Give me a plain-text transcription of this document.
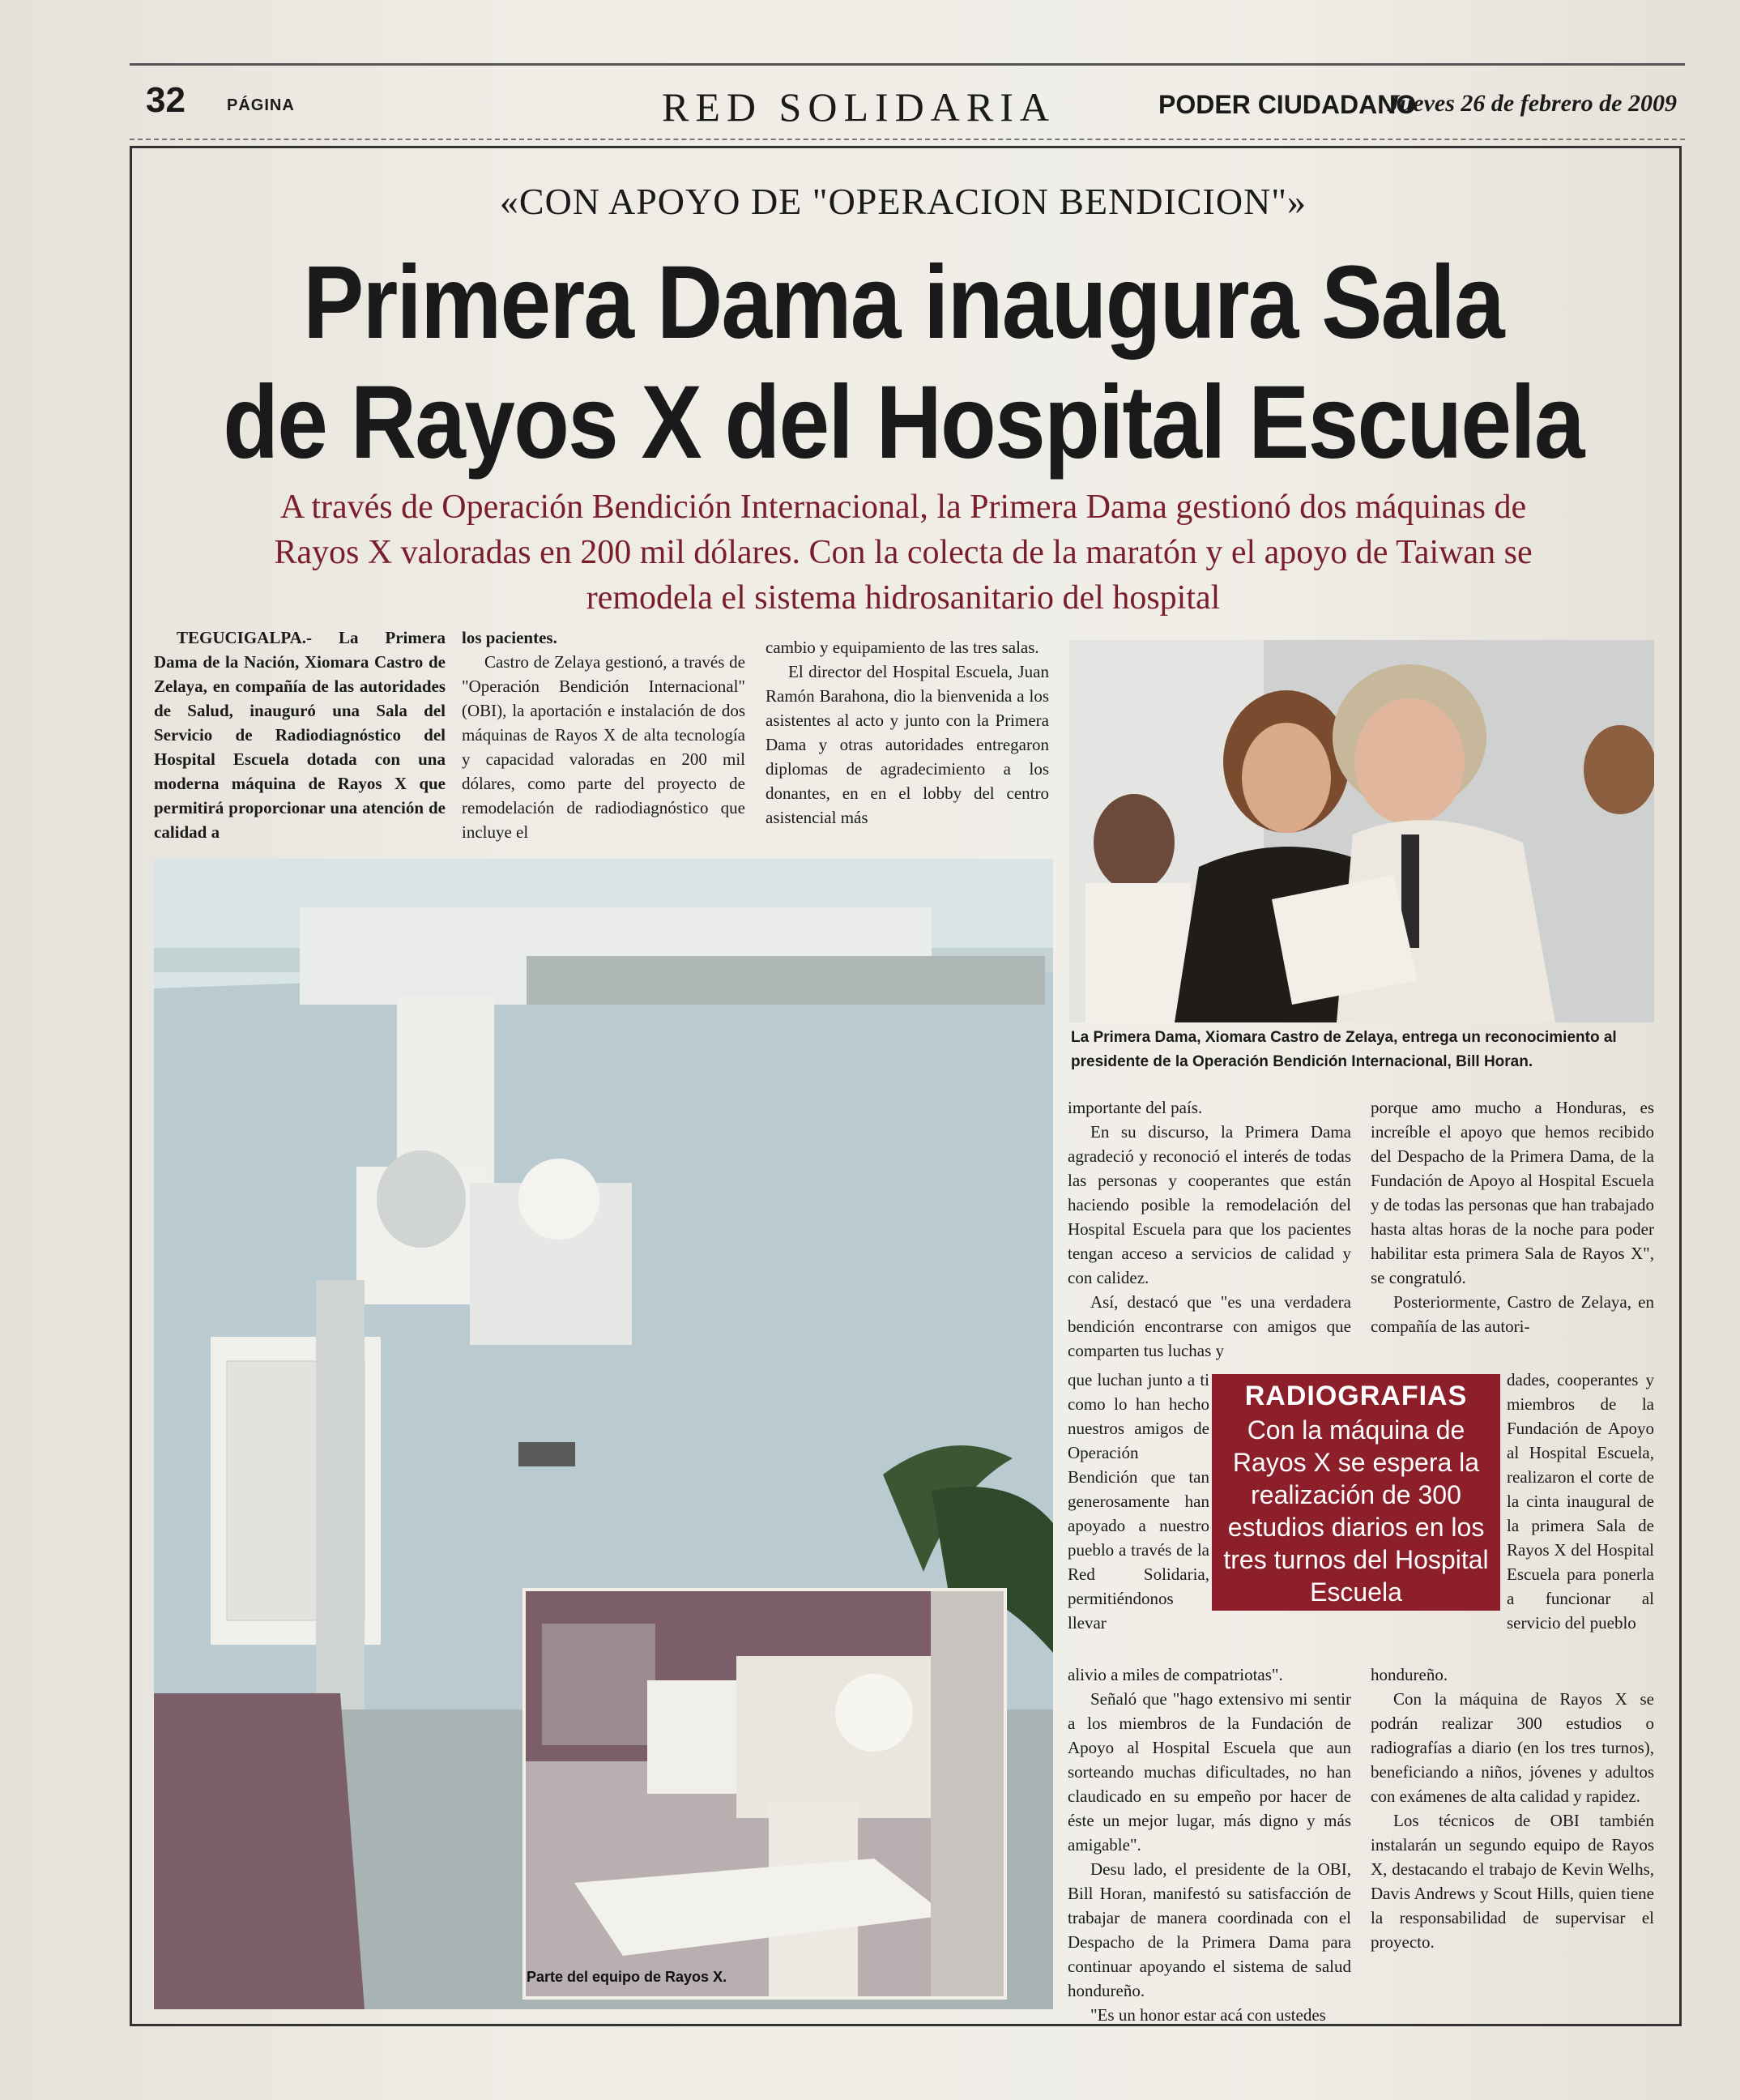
32	PÁGINA	RED SOLIDARIA	PODER CIUDADANO
Jueves 26 de febrero de 2009
«CON APOYO DE "OPERACION BENDICION"»
Primera Dama inaugura Sala
de Rayos X del Hospital Escuela
A través de Operación Bendición Internacional, la Primera Dama gestionó dos máquinas de
Rayos X valoradas en 200 mil dólares. Con la colecta de la maratón y el apoyo de Taiwan se
remodela el sistema hidrosanitario del hospital

TEGUCIGALPA.- La Primera Dama de la Nación, Xiomara Castro de Zelaya, en compañía de las autoridades de Salud, inauguró una Sala del Servicio de Radiodiagnóstico del Hospital Escuela dotada con una moderna máquina de Rayos X que permitirá proporcionar una atención de calidad a

los pacientes.

Castro de Zelaya gestionó, a través de "Operación Bendición Internacional" (OBI), la aportación e instalación de dos máquinas de Rayos X de alta tecnología y capacidad valoradas en 200 mil dólares, como parte del proyecto de remodelación de radiodiagnóstico que incluye el

cambio y equipamiento de las tres salas.

El director del Hospital Escuela, Juan Ramón Barahona, dio la bienvenida a los asistentes al acto y junto con la Primera Dama y otras autoridades entregaron diplomas de agradecimiento a los donantes, en en el lobby del centro asistencial más

La Primera Dama, Xiomara Castro de Zelaya, entrega un reconocimiento al presidente de la Operación Bendición Internacional, Bill Horan.
Parte del equipo de Rayos X.

importante del país.

En su discurso, la Primera Dama agradeció y reconoció el interés de todas las personas y cooperantes que están haciendo posible la remodelación del Hospital Escuela para que los pacientes tengan acceso a servicios de calidad y con calidez.

Así, destacó que "es una verdadera bendición encontrarse con amigos que comparten tus luchas y

que luchan junto a ti como lo han hecho nuestros amigos de Operación Bendición que tan generosamente han apoyado a nuestro pueblo a través de la Red Solidaria, permitiéndonos llevar

alivio a miles de compatriotas".

Señaló que "hago extensivo mi sentir a los miembros de la Fundación de Apoyo al Hospital Escuela que aun sorteando muchas dificultades, no han claudicado en su empeño por hacer de éste un mejor lugar, más digno y más amigable".

Desu lado, el presidente de la OBI, Bill Horan, manifestó su satisfacción de trabajar de manera coordinada con el Despacho de la Primera Dama para continuar apoyando el sistema de salud hondureño.

"Es un honor estar acá con ustedes

porque amo mucho a Honduras, es increíble el apoyo que hemos recibido del Despacho de la Primera Dama, de la Fundación de Apoyo al Hospital Escuela y de todas las personas que han trabajado hasta altas horas de la noche para poder habilitar esta primera Sala de Rayos X", se congratuló.

Posteriormente, Castro de Zelaya, en compañía de las autori-

dades, cooperantes y miembros de la Fundación de Apoyo al Hospital Escuela, realizaron el corte de la cinta inaugural de la primera Sala de Rayos X del Hospital Escuela para ponerla a funcionar al servicio del pueblo

hondureño.

Con la máquina de Rayos X se podrán realizar 300 estudios o radiografías a diario (en los tres turnos), beneficiando a niños, jóvenes y adultos con exámenes de alta calidad y rapidez.

Los técnicos de OBI también instalarán un segundo equipo de Rayos X, destacando el trabajo de Kevin Welhs, Davis Andrews y Scout Hills, quien tiene la responsabilidad de supervisar el proyecto.

RADIOGRAFIAS
Con la máquina de Rayos X se espera la realización de 300 estudios diarios en los tres turnos del Hospital Escuela
